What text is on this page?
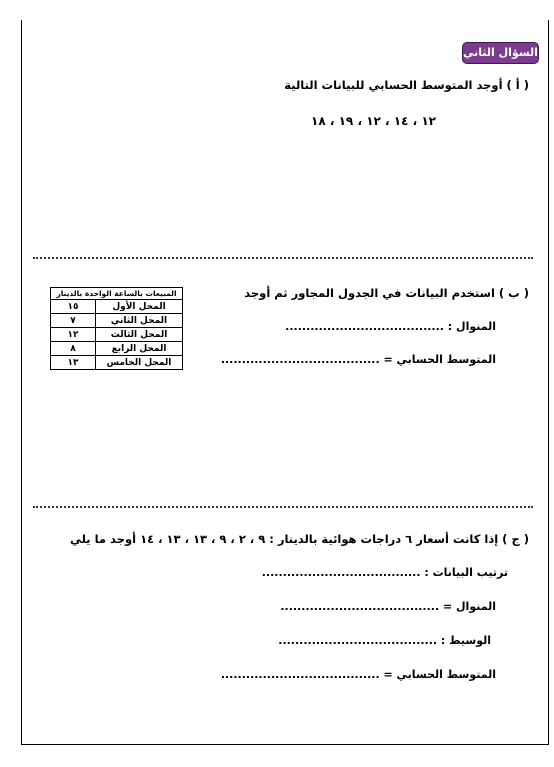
السؤال الثاني
( أ ) أوجد المتوسط الحسابي للبيانات التالية
١٢ ، ١٤ ، ١٢ ، ١٩ ، ١٨
( ب ) استخدم البيانات في الجدول المجاور ثم أوجد
المنوال : ......................................
المتوسط الحسابي = ......................................
المبيعات بالساعة الواحدة بالدينار	
المحل الأول	١٥
المحل الثاني	٧
المحل الثالث	١٢
المحل الرابع	٨
المحل الخامس	١٣
( ج ) إذا كانت أسعار ٦ دراجات هوائية بالدينار : ٩ ، ٢ ، ٩ ، ١٣ ، ١٣ ، ١٤ أوجد ما يلي
ترتيب البيانات : ......................................
المنوال = ......................................
الوسيط : ......................................
المتوسط الحسابي = ......................................
